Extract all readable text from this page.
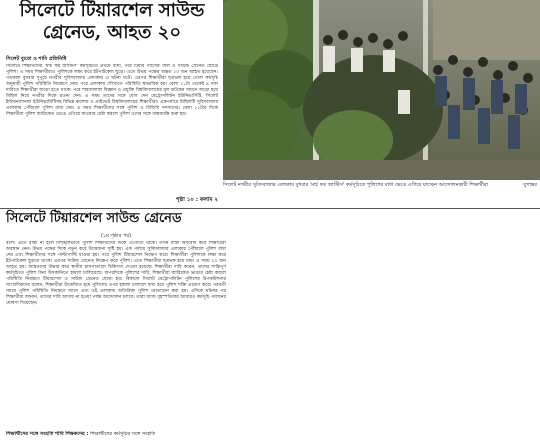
সিলেটে টিয়ারশেল সাউন্ড গ্রেনেড, আহত ২০
সিলেট ব্যুরো ও শাবি প্রতিনিধি
সিলেটে শিক্ষার্থীদের 'মার্চ ফর জাস্টিস' কর্মসূচিতে প্রথমে বাধা, পরে টিয়ার গ্যাসের শেল ও সাউন্ড গ্রেনেড ছোড়ে পুলিশ। এ সময় শিক্ষার্থীরাও পুলিশকে লক্ষ্য করে ইটপাটকেল ছুড়ে। এতে উভয় পক্ষের অন্তত ২০ জন আহত হয়েছেন। গতকাল বুধবার দুপুরে নগরীর সুবিদবাজার এলাকায় এ ঘটনা ঘটে। এরপর শিক্ষার্থীরা ছত্রভঙ্গ হয়ে গেলে কর্মসূচি অনুযায়ী পুলিশ পরিস্থিতি নিয়ন্ত্রণে নেয়। পরে এলাকায় শৌখ্যতে পরিস্থিতি স্বাভাবিক হয়। বেলা ১১টা থেকেই ৯ দফা দাবিতে শিক্ষার্থীরা জড়ো হতে থাকে। পরে শাহজালাল বিজ্ঞান ও প্রযুক্তি বিশ্ববিদ্যালয়ের মূল ফটকের সামনে জড়ো হয়ে মিছিল নিয়ে নগরীর দিকে রওনা দেন। এ সময় তাদের সঙ্গে যোগ দেন মেট্রোপলিটন ইউনিভার্সিটি, সিলেট ইন্টারন্যাশনাল ইউনিভার্সিটিসহ বিভিন্ন কলেজ ও প্রাইভেট বিশ্ববিদ্যালয়ের শিক্ষার্থীরা। একপর্যায়ে মিছিলটি সুবিদবাজার এলাকায় পৌঁছালে পুলিশ বাধা দেয়। এ সময় শিক্ষার্থীদের সঙ্গে পুলিশ ও বিজিবি সদস্যদের। বেলা ১২টার দিকে শিক্ষার্থীরা পুলিশ ব্যারিকেড ভেঙে এগিয়ে যাওয়ার চেষ্টা করলে পুলিশ ওদের সঙ্গে ধাক্কাধাক্কি শুরু হয়।
পৃষ্ঠা ১০ : কলাম ২
সিলেট নগরীর সুবিদবাজার এলাকায় বুধবার 'মার্চ ফর জাস্টিস' কর্মসূচিতে পুলিশের বাধা ভেঙে এগিয়ে যাচ্ছেন আন্দোলনকারী শিক্ষার্থীরা	যুগান্তর
সিলেটে টিয়ারশেল সাউন্ড গ্রেনেড
(১ম পৃষ্ঠার পর)
বলে। এতে রাস্তা না হলে বিশৃঙ্খলভাবে পুলিশ শিক্ষার্থীদের দিকে এগোতে থাকে। তখন রাস্তা অবরোধ করে শিক্ষার্থীরা অবস্থান নেন। উভয় পক্ষের দিকে নতুন করে উত্তেজনা সৃষ্টি হয়। এক পর্যায়ে সুবিদবাজার এলাকায় পৌঁছালে পুলিশ বাধা দেয় এবং শিক্ষার্থীদের সঙ্গে পাল্টাপাল্টি ধাওয়া হয়। পরে পুলিশ টিয়ারশেল নিক্ষেপ করে। শিক্ষার্থীরা পুলিশকে লক্ষ্য করে ইটপাটকেল ছুড়তে থাকে। এরপর সাউন্ড গ্রেনেড নিক্ষেপ করে পুলিশ। এতে শিক্ষার্থীরা ছত্রভঙ্গ হয়ে যায়। এ সময় ২০ জন আহত হয়। আহতদের উদ্ধার করে স্থানীয় হাসপাতালে চিকিৎসা দেওয়া হয়েছে। শিক্ষার্থীরা দাবি করেন, তাদের শান্তিপূর্ণ কর্মসূচিতে পুলিশ বিনা উসকানিতে হামলা চালিয়েছে। অপরদিকে পুলিশের দাবি, শিক্ষার্থীরা ব্যারিকেড ভাঙার চেষ্টা করলে পরিস্থিতি নিয়ন্ত্রণে টিয়ারশেল ও সাউন্ড গ্রেনেড ছোড়া হয়। বিকালে সিলেট মেট্রোপলিটন পুলিশের উপকমিশনার সাংবাদিকদের বলেন, শিক্ষার্থীরা উত্তেজিত হয়ে পুলিশের ওপর হামলা চালালে বাধ্য হয়ে পুলিশ শক্তি প্রয়োগ করে। পরবর্তী সময়ে পুলিশ পরিস্থিতি নিয়ন্ত্রণে আনে এবং ওই এলাকায় অতিরিক্ত পুলিশ মোতায়েন করা হয়। এদিকে ঘটনার পর শিক্ষার্থীরা জানান, তাদের দাবি আদায় না হওয়া পর্যন্ত আন্দোলন চলবে। তারা আজ বৃহস্পতিবার আবারও কর্মসূচি পালনের ঘোষণা দিয়েছেন।
শিক্ষার্থীদের সঙ্গে সংহতি শাবি শিক্ষকদের : শিক্ষার্থীদের কর্মসূচির সঙ্গে সংহতি
